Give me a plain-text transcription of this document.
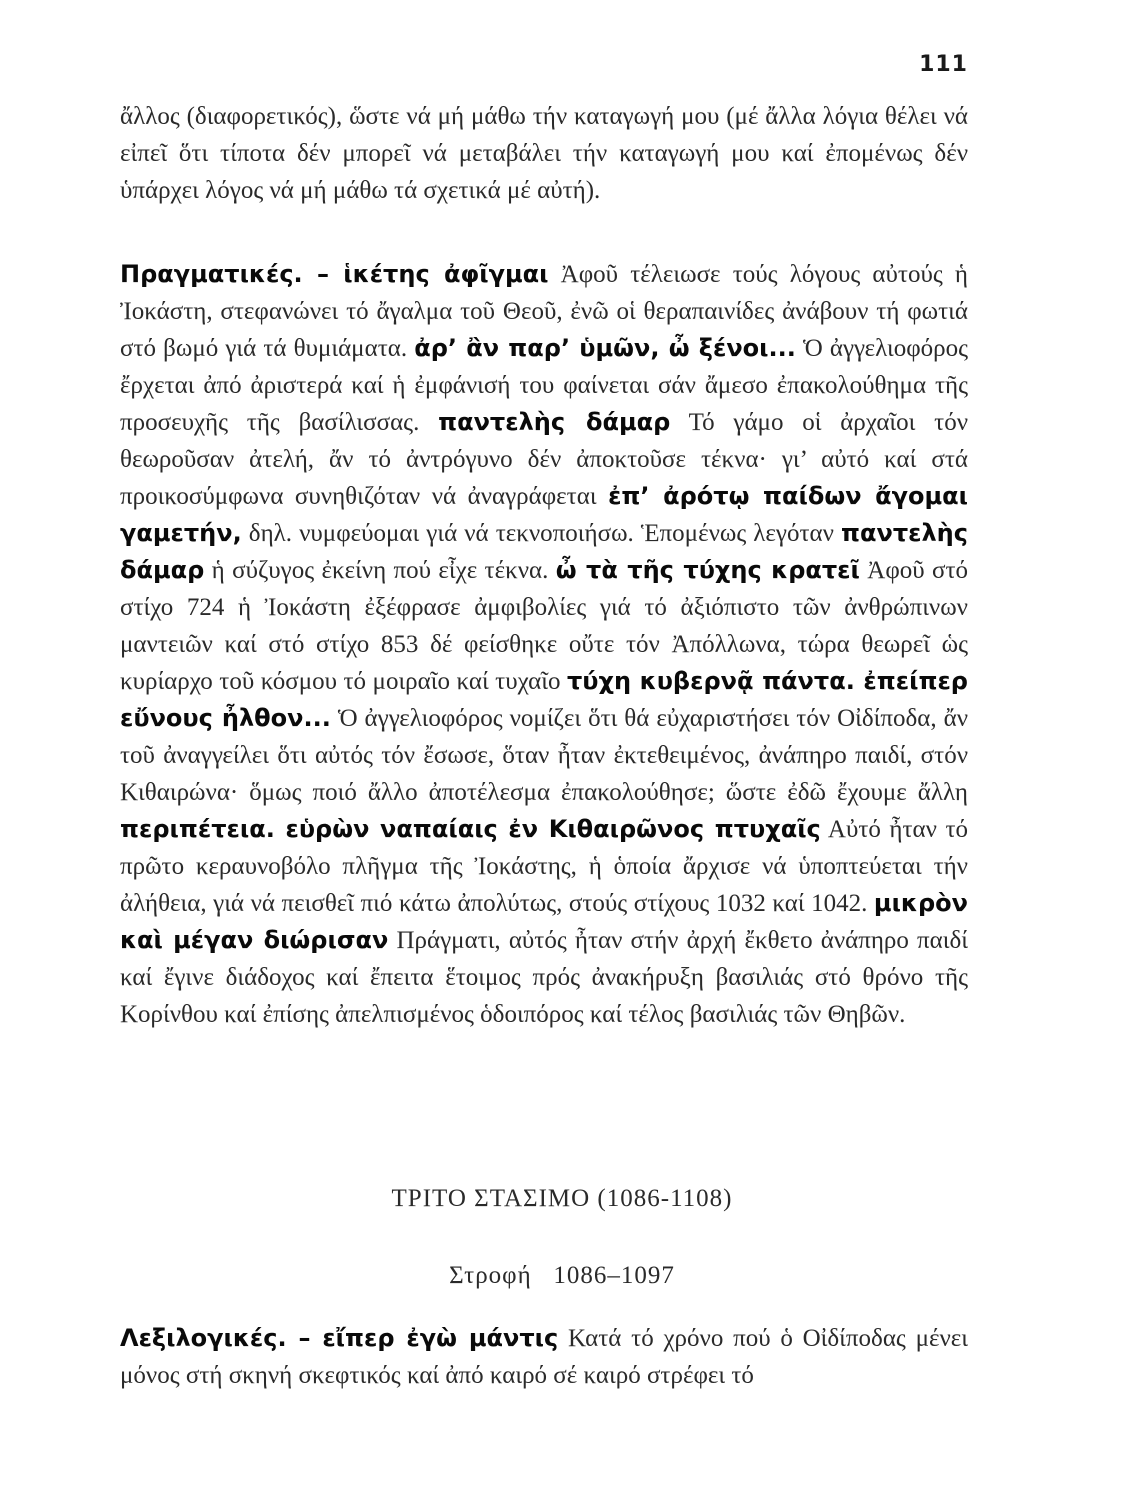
111

ἄλλος (διαφορετικός), ὥστε νά μή μάθω τήν καταγωγή μου (μέ ἄλλα λόγια θέλει νά εἰπεῖ ὅτι τίποτα δέν μπορεῖ νά μεταβάλει τήν καταγωγή μου καί ἐπομένως δέν ὑπάρχει λόγος νά μή μάθω τά σχετικά μέ αὐτή).

Πραγματικές. – ἱκέτης ἀφῖγμαι Ἀφοῦ τέλειωσε τούς λόγους αὐτούς ἡ Ἰοκάστη, στεφανώνει τό ἄγαλμα τοῦ Θεοῦ, ἐνῶ οἱ θεραπαινίδες ἀνάβουν τή φωτιά στό βωμό γιά τά θυμιάματα. ἀρ’ ἂν παρ’ ὑμῶν, ὦ ξένοι... Ὁ ἀγγελιοφόρος ἔρχεται ἀπό ἀριστερά καί ἡ ἐμφάνισή του φαίνεται σάν ἄμεσο ἐπακολούθημα τῆς προσευχῆς τῆς βασίλισσας. παντελὴς δάμαρ Τό γάμο οἱ ἀρχαῖοι τόν θεωροῦσαν ἀτελή, ἄν τό ἀντρόγυνο δέν ἀποκτοῦσε τέκνα· γι’ αὐτό καί στά προικοσύμφωνα συνηθιζόταν νά ἀναγράφεται ἐπ’ ἀρότῳ παίδων ἄγομαι γαμετήν, δηλ. νυμφεύομαι γιά νά τεκνοποιήσω. Ἑπομένως λεγόταν παντελὴς δάμαρ ἡ σύζυγος ἐκείνη πού εἶχε τέκνα. ὦ τὰ τῆς τύχης κρατεῖ Ἀφοῦ στό στίχο 724 ἡ Ἰοκάστη ἐξέφρασε ἀμφιβολίες γιά τό ἀξιόπιστο τῶν ἀνθρώπινων μαντειῶν καί στό στίχο 853 δέ φείσθηκε οὔτε τόν Ἀπόλλωνα, τώρα θεωρεῖ ὡς κυρίαρχο τοῦ κόσμου τό μοιραῖο καί τυχαῖο τύχη κυβερνᾷ πάντα. ἐπείπερ εὔνους ἦλθον... Ὁ ἀγγελιοφόρος νομίζει ὅτι θά εὐχαριστήσει τόν Οἰδίποδα, ἄν τοῦ ἀναγγείλει ὅτι αὐτός τόν ἔσωσε, ὅταν ἦταν ἐκτεθειμένος, ἀνάπηρο παιδί, στόν Κιθαιρώνα· ὅμως ποιό ἄλλο ἀποτέλεσμα ἐπακολούθησε; ὥστε ἐδῶ ἔχουμε ἄλλη περιπέτεια. εὑρὼν ναπαίαις ἐν Κιθαιρῶνος πτυχαῖς Αὐτό ἦταν τό πρῶτο κεραυνοβόλο πλῆγμα τῆς Ἰοκάστης, ἡ ὁποία ἄρχισε νά ὑποπτεύεται τήν ἀλήθεια, γιά νά πεισθεῖ πιό κάτω ἀπολύτως, στούς στίχους 1032 καί 1042. μικρὸν καὶ μέγαν διώρισαν Πράγματι, αὐτός ἦταν στήν ἀρχή ἔκθετο ἀνάπηρο παιδί καί ἔγινε διάδοχος καί ἔπειτα ἕτοιμος πρός ἀνακήρυξη βασιλιάς στό θρόνο τῆς Κορίνθου καί ἐπίσης ἀπελπισμένος ὁδοιπόρος καί τέλος βασιλιάς τῶν Θηβῶν.

ΤΡΙΤΟ ΣΤΑΣΙΜΟ (1086-1108)
Στροφή   1086–1097

Λεξιλογικές. – εἴπερ ἐγὼ μάντις Κατά τό χρόνο πού ὁ Οἰδίποδας μένει μόνος στή σκηνή σκεφτικός καί ἀπό καιρό σέ καιρό στρέφει τό
